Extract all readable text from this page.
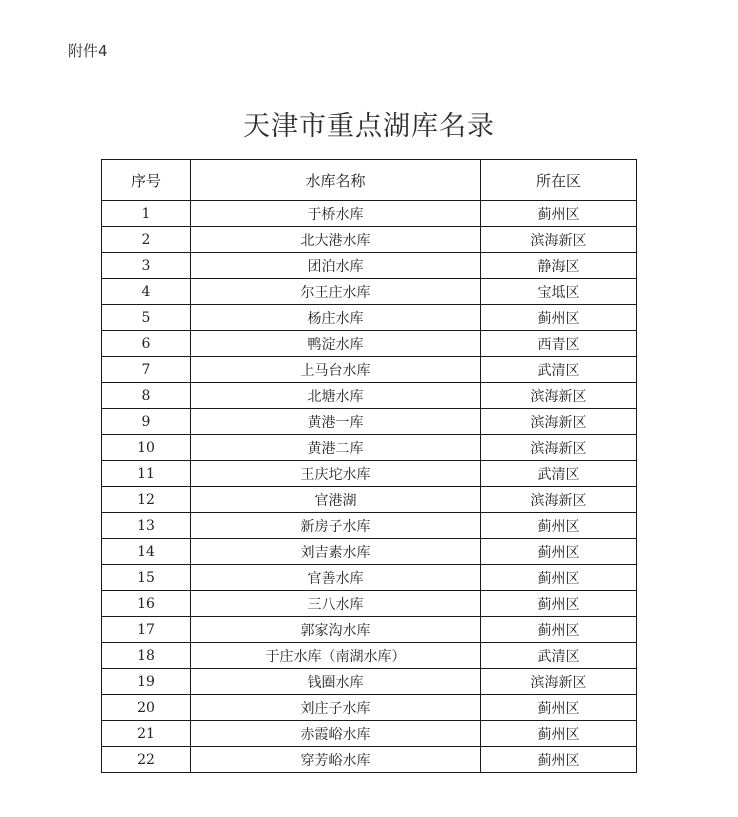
附件4
天津市重点湖库名录
序号	水库名称	所在区
1	于桥水库	蓟州区
2	北大港水库	滨海新区
3	团泊水库	静海区
4	尔王庄水库	宝坻区
5	杨庄水库	蓟州区
6	鸭淀水库	西青区
7	上马台水库	武清区
8	北塘水库	滨海新区
9	黄港一库	滨海新区
10	黄港二库	滨海新区
11	王庆坨水库	武清区
12	官港湖	滨海新区
13	新房子水库	蓟州区
14	刘吉素水库	蓟州区
15	官善水库	蓟州区
16	三八水库	蓟州区
17	郭家沟水库	蓟州区
18	于庄水库（南湖水库）	武清区
19	钱圈水库	滨海新区
20	刘庄子水库	蓟州区
21	赤霞峪水库	蓟州区
22	穿芳峪水库	蓟州区
